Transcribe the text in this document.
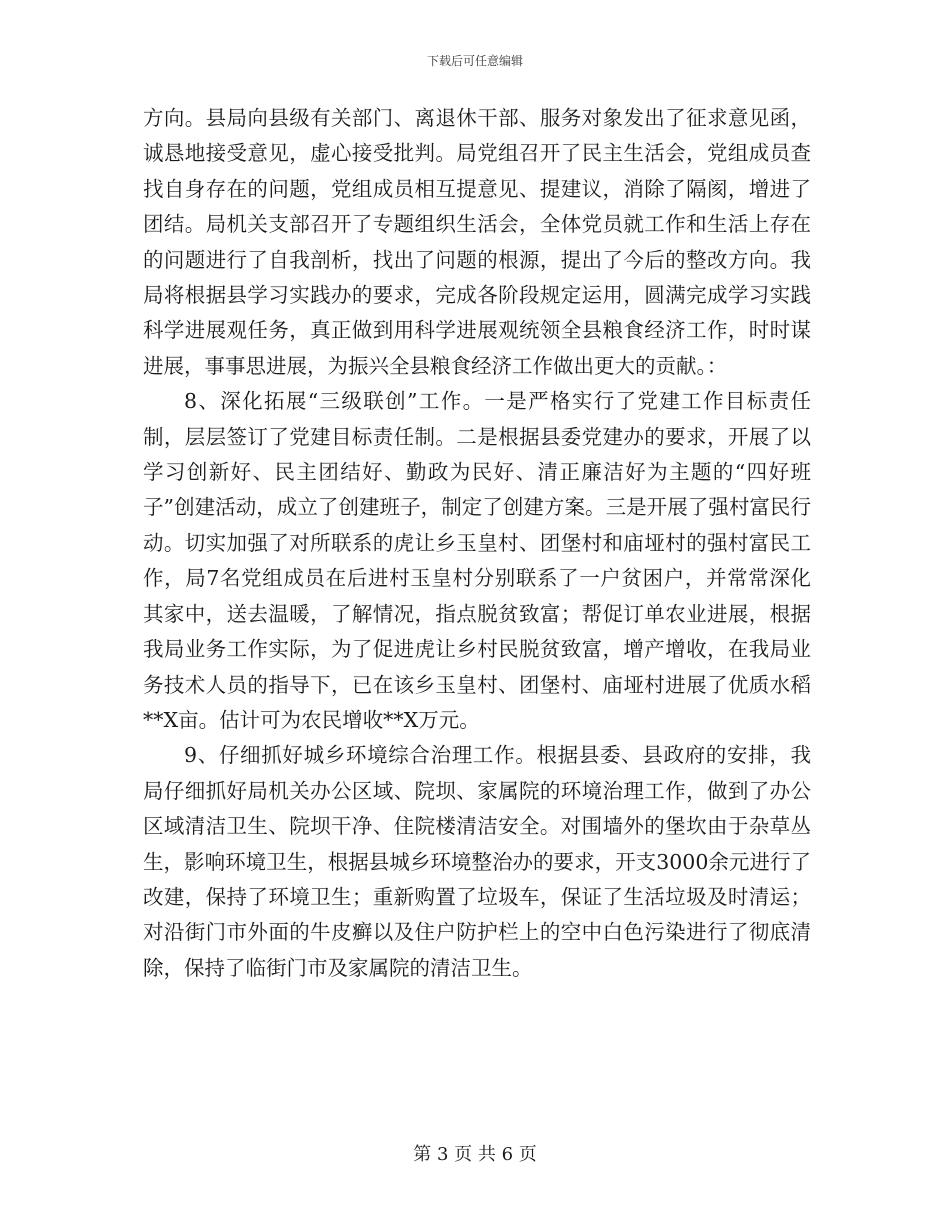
下载后可任意编辑

方向。县局向县级有关部门、离退休干部、服务对象发出了征求意见函，诚恳地接受意见，虚心接受批判。局党组召开了民主生活会，党组成员查找自身存在的问题，党组成员相互提意见、提建议，消除了隔阂，增进了团结。局机关支部召开了专题组织生活会，全体党员就工作和生活上存在的问题进行了自我剖析，找出了问题的根源，提出了今后的整改方向。我局将根据县学习实践办的要求，完成各阶段规定运用，圆满完成学习实践科学进展观任务，真正做到用科学进展观统领全县粮食经济工作，时时谋进展，事事思进展，为振兴全县粮食经济工作做出更大的贡献。：

8、深化拓展“三级联创”工作。一是严格实行了党建工作目标责任制，层层签订了党建目标责任制。二是根据县委党建办的要求，开展了以学习创新好、民主团结好、勤政为民好、清正廉洁好为主题的“四好班子”创建活动，成立了创建班子，制定了创建方案。三是开展了强村富民行动。切实加强了对所联系的虎让乡玉皇村、团堡村和庙垭村的强村富民工作，局7名党组成员在后进村玉皇村分别联系了一户贫困户，并常常深化其家中，送去温暖，了解情况，指点脱贫致富；帮促订单农业进展，根据我局业务工作实际，为了促进虎让乡村民脱贫致富，增产增收，在我局业务技术人员的指导下，已在该乡玉皇村、团堡村、庙垭村进展了优质水稻**X亩。估计可为农民增收**X万元。

9、仔细抓好城乡环境综合治理工作。根据县委、县政府的安排，我局仔细抓好局机关办公区域、院坝、家属院的环境治理工作，做到了办公区域清洁卫生、院坝干净、住院楼清洁安全。对围墙外的堡坎由于杂草丛生，影响环境卫生，根据县城乡环境整治办的要求，开支3000余元进行了改建，保持了环境卫生；重新购置了垃圾车，保证了生活垃圾及时清运；对沿街门市外面的牛皮癣以及住户防护栏上的空中白色污染进行了彻底清除，保持了临街门市及家属院的清洁卫生。

第 3 页 共 6 页
